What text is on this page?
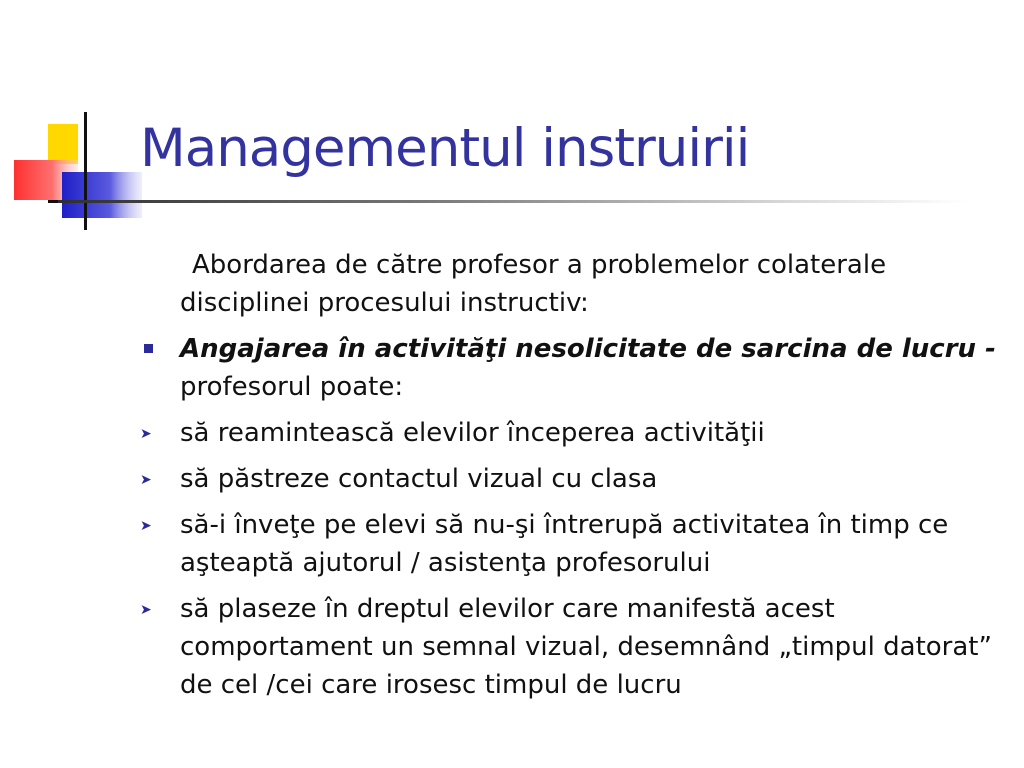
Managementul instruirii

Abordarea de către profesor a problemelor colaterale disciplinei procesului instructiv:

Angajarea în activităţi nesolicitate de sarcina de lucru - profesorul poate:
➤	să reamintească elevilor începerea activităţii
➤	să păstreze contactul vizual cu clasa
➤	să-i înveţe pe elevi să nu-şi întrerupă activitatea în timp ce aşteaptă ajutorul / asistenţa profesorului
➤	să plaseze în dreptul elevilor care manifestă acest comportament un semnal vizual, desemnând „timpul datorat” de cel /cei care irosesc timpul de lucru
